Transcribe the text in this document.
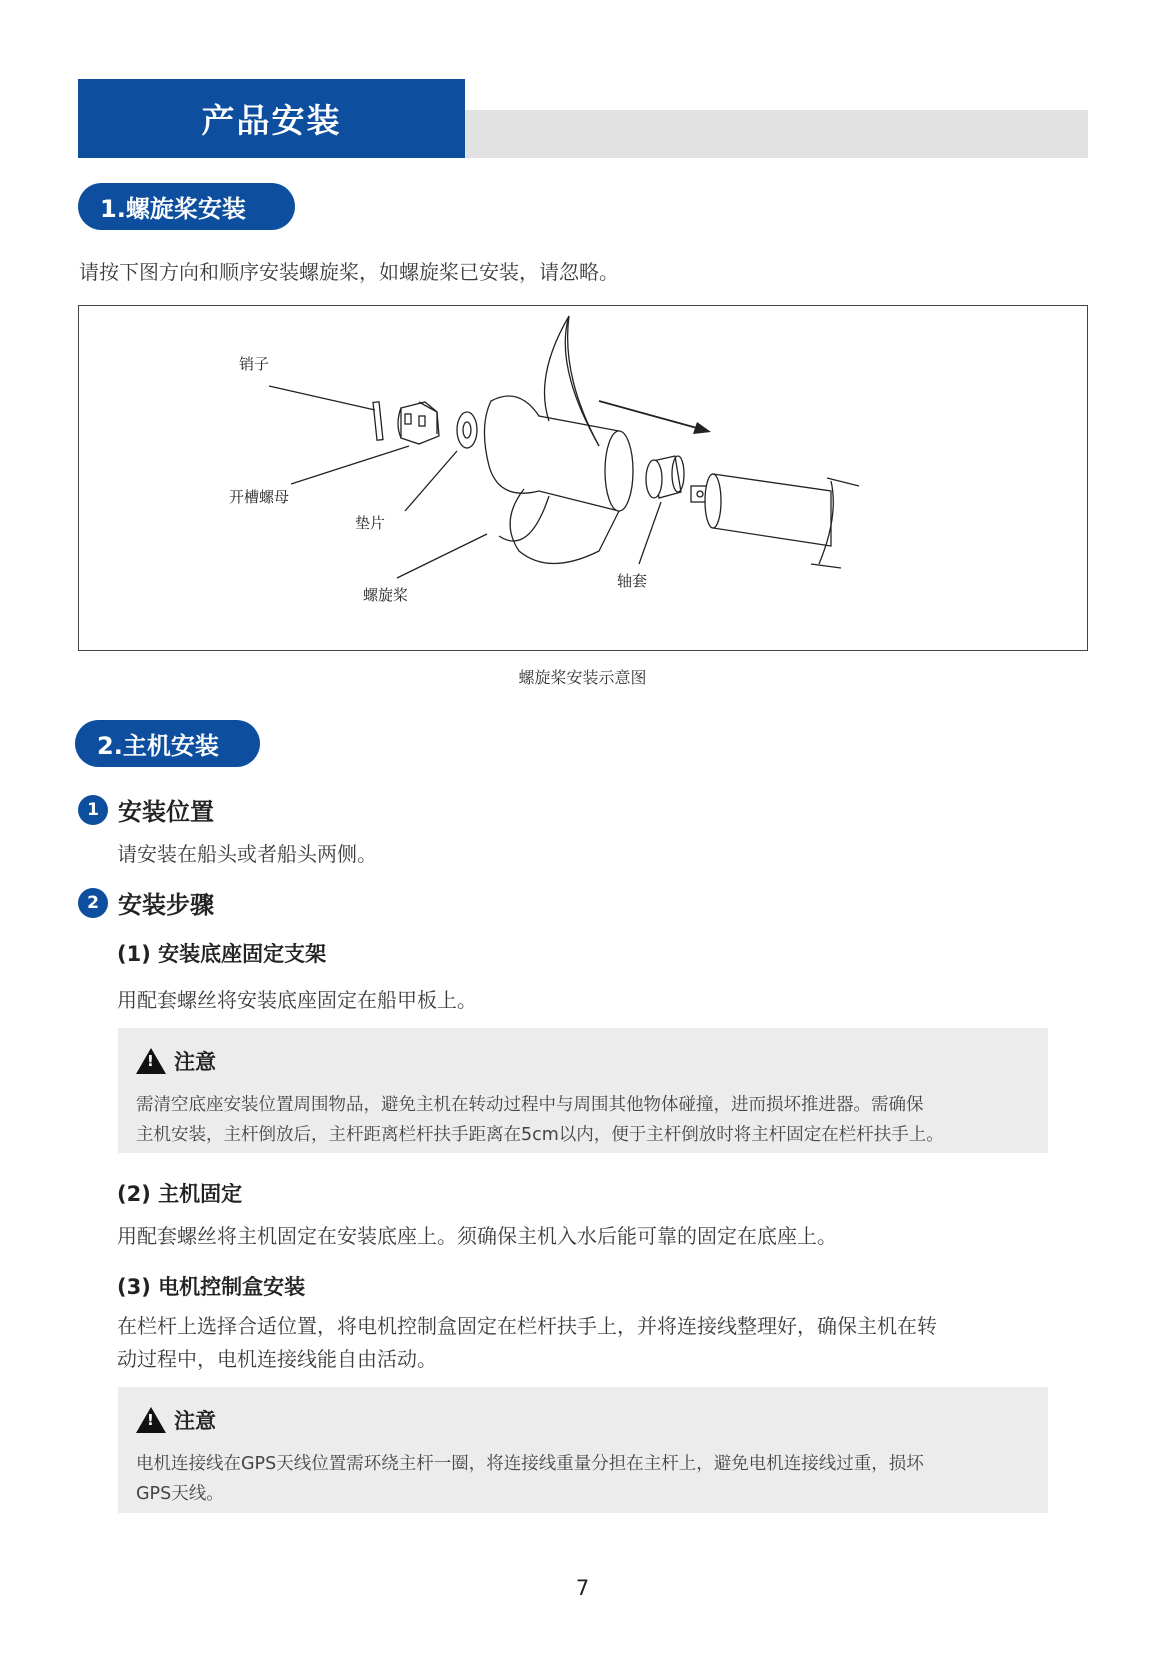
产品安装
1.螺旋桨安装
请按下图方向和顺序安装螺旋桨，如螺旋桨已安装，请忽略。
销子
开槽螺母
垫片
螺旋桨
轴套
螺旋桨安装示意图
2.主机安装
1 安装位置
请安装在船头或者船头两侧。
2 安装步骤
(1) 安装底座固定支架
用配套螺丝将安装底座固定在船甲板上。
! 注意
需清空底座安装位置周围物品，避免主机在转动过程中与周围其他物体碰撞，进而损坏推进器。需确保
主机安装，主杆倒放后，主杆距离栏杆扶手距离在5cm以内，便于主杆倒放时将主杆固定在栏杆扶手上。
(2) 主机固定
用配套螺丝将主机固定在安装底座上。须确保主机入水后能可靠的固定在底座上。
(3) 电机控制盒安装
在栏杆上选择合适位置，将电机控制盒固定在栏杆扶手上，并将连接线整理好，确保主机在转
动过程中，电机连接线能自由活动。
! 注意
电机连接线在GPS天线位置需环绕主杆一圈，将连接线重量分担在主杆上，避免电机连接线过重，损坏
GPS天线。
7
